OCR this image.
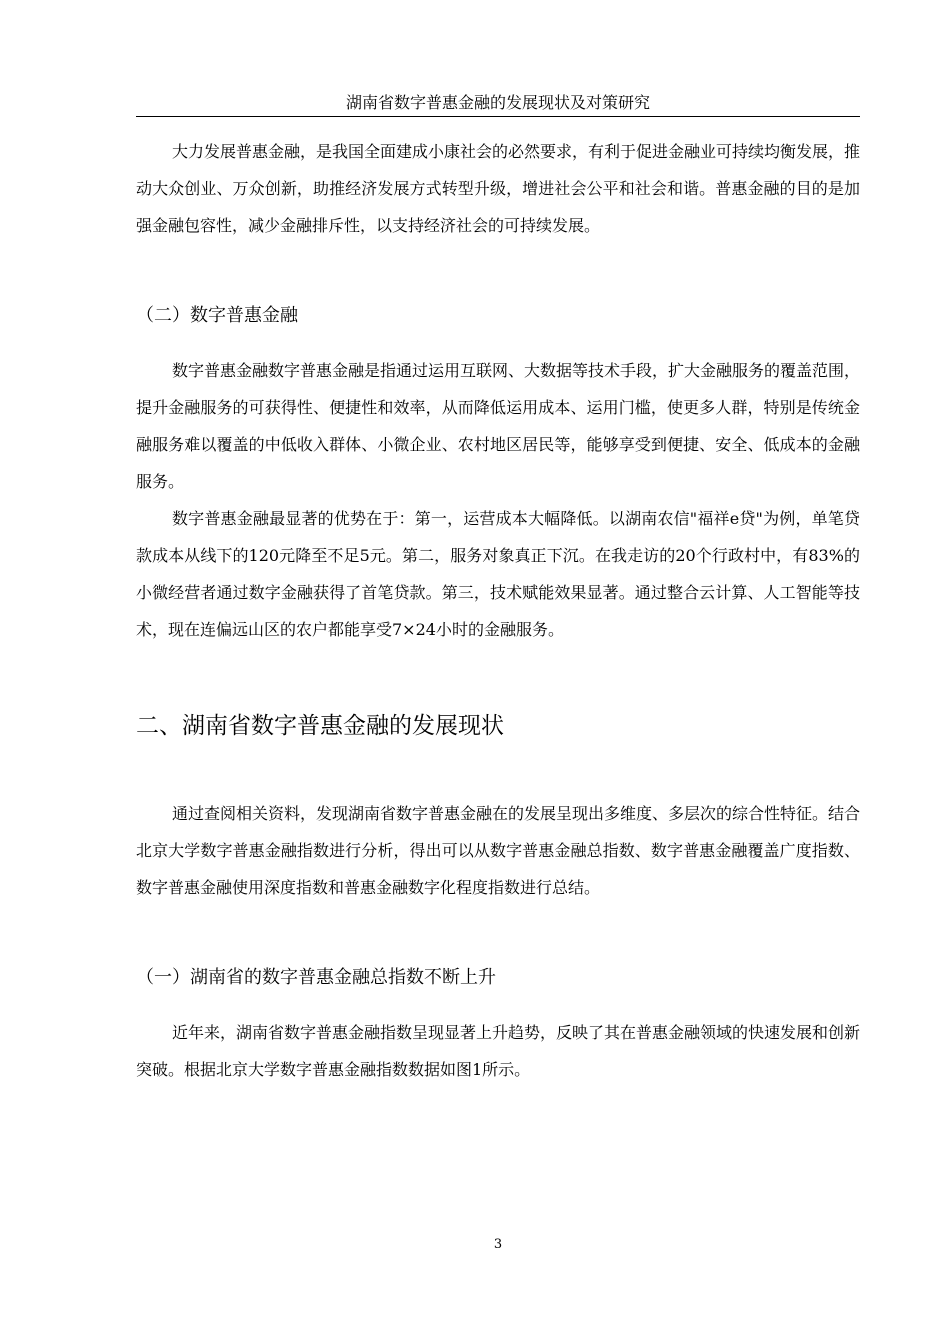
湖南省数字普惠金融的发展现状及对策研究

大力发展普惠金融，是我国全面建成小康社会的必然要求，有利于促进金融业可持续均衡发展，推动大众创业、万众创新，助推经济发展方式转型升级，增进社会公平和社会和谐。普惠金融的目的是加强金融包容性，减少金融排斥性，以支持经济社会的可持续发展。

（二）数字普惠金融

数字普惠金融数字普惠金融是指通过运用互联网、大数据等技术手段，扩大金融服务的覆盖范围，提升金融服务的可获得性、便捷性和效率，从而降低运用成本、运用门槛，使更多人群，特别是传统金融服务难以覆盖的中低收入群体、小微企业、农村地区居民等，能够享受到便捷、安全、低成本的金融服务。

数字普惠金融最显著的优势在于：第一，运营成本大幅降低。以湖南农信"福祥e贷"为例，单笔贷款成本从线下的120元降至不足5元。第二，服务对象真正下沉。在我走访的20个行政村中，有83%的小微经营者通过数字金融获得了首笔贷款。第三，技术赋能效果显著。通过整合云计算、人工智能等技术，现在连偏远山区的农户都能享受7×24小时的金融服务。

二、湖南省数字普惠金融的发展现状

通过查阅相关资料，发现湖南省数字普惠金融在的发展呈现出多维度、多层次的综合性特征。结合北京大学数字普惠金融指数进行分析，得出可以从数字普惠金融总指数、数字普惠金融覆盖广度指数、数字普惠金融使用深度指数和普惠金融数字化程度指数进行总结。

（一）湖南省的数字普惠金融总指数不断上升

近年来，湖南省数字普惠金融指数呈现显著上升趋势，反映了其在普惠金融领域的快速发展和创新突破。根据北京大学数字普惠金融指数数据如图1所示。

3
